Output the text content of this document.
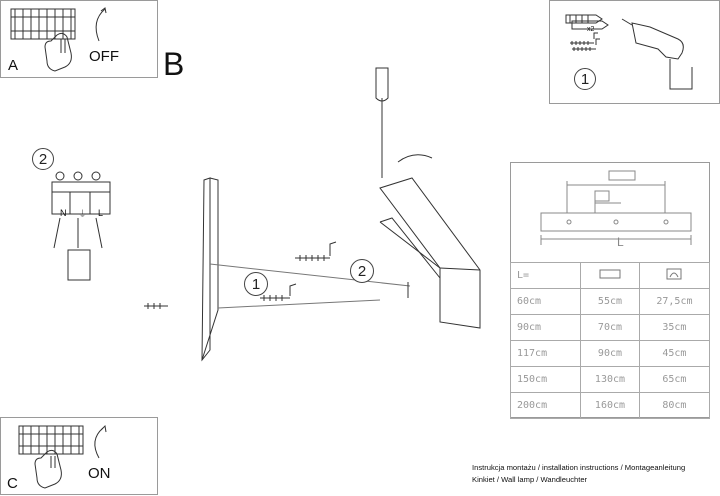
A
OFF B
C
ON
x2
1
2
N ⏚ L
1
2
L
L=		
60cm	55cm	27,5cm
90cm	70cm	35cm
117cm	90cm	45cm
150cm	130cm	65cm
200cm	160cm	80cm
Instrukcja montażu / installation instructions / Montageanleitung
Kinkiet / Wall lamp / Wandleuchter
